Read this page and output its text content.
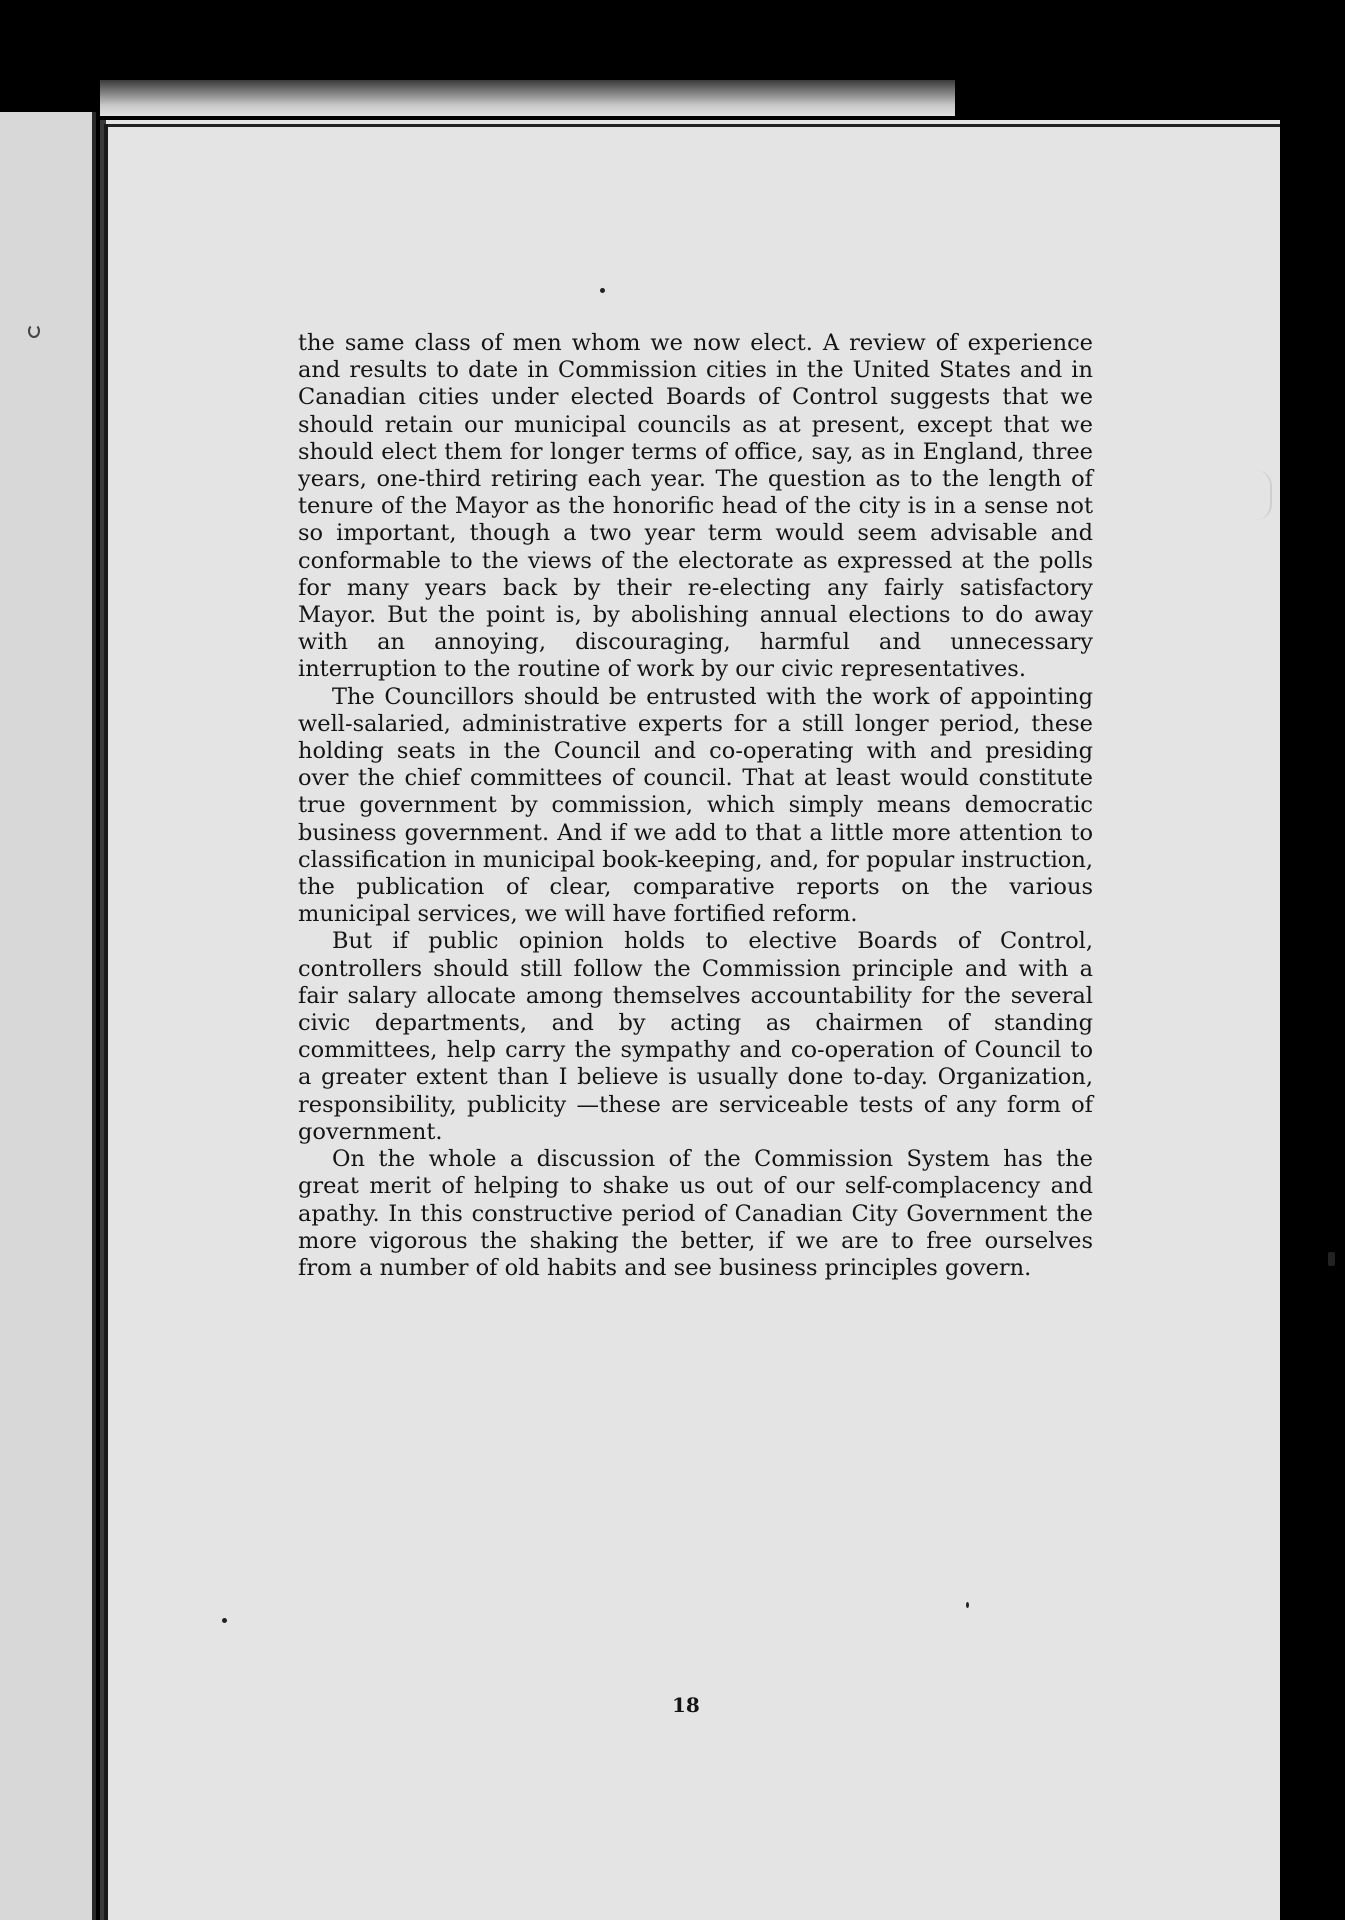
the same class of men whom we now elect. A review of experience and results to date in Commission cities in the United States and in Canadian cities under elected Boards of Control suggests that we should retain our municipal councils as at present, except that we should elect them for longer terms of office, say, as in England, three years, one-third retiring each year. The question as to the length of tenure of the Mayor as the honorific head of the city is in a sense not so important, though a two year term would seem advisable and conformable to the views of the electorate as expressed at the polls for many years back by their re-electing any fairly satisfactory Mayor. But the point is, by abolishing annual elections to do away with an annoying, discouraging, harmful and unnecessary interruption to the routine of work by our civic representatives.

The Councillors should be entrusted with the work of appointing well-salaried, administrative experts for a still longer period, these holding seats in the Council and co-operating with and presiding over the chief committees of council. That at least would constitute true government by commission, which simply means democratic business government. And if we add to that a little more attention to classification in municipal book-keeping, and, for popular instruction, the publication of clear, comparative reports on the various municipal services, we will have fortified reform.

But if public opinion holds to elective Boards of Control, controllers should still follow the Commission principle and with a fair salary allocate among themselves accountability for the several civic departments, and by acting as chairmen of standing committees, help carry the sympathy and co-operation of Council to a greater extent than I believe is usually done to-day. Organization, responsibility, publicity —these are serviceable tests of any form of government.

On the whole a discussion of the Commission System has the great merit of helping to shake us out of our self-complacency and apathy. In this constructive period of Canadian City Government the more vigorous the shaking the better, if we are to free ourselves from a number of old habits and see business principles govern.

18
